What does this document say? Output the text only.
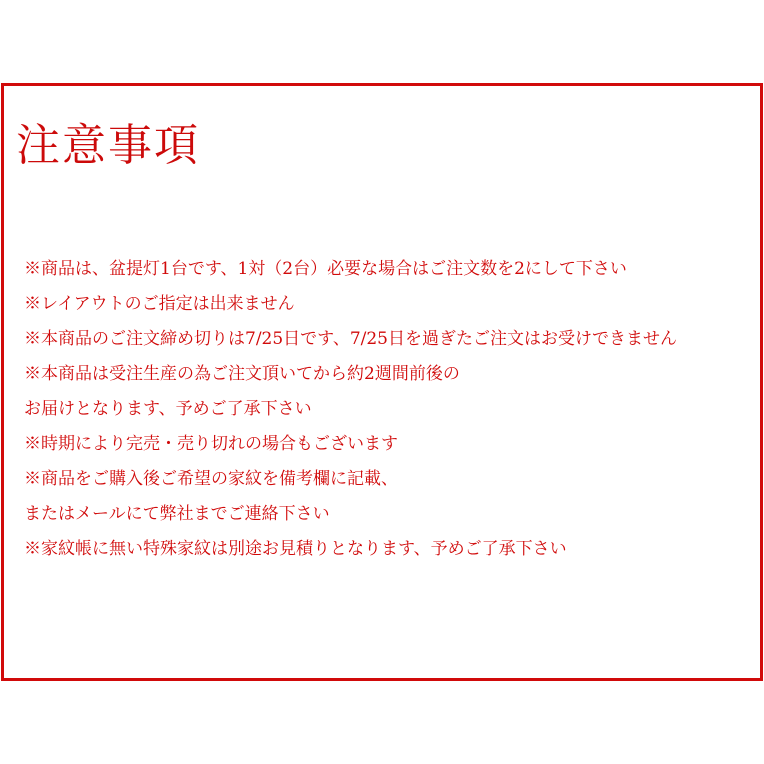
注意事項
※商品は、盆提灯1台です、1対（2台）必要な場合はご注文数を2にして下さい
※レイアウトのご指定は出来ません
※本商品のご注文締め切りは7/25日です、7/25日を過ぎたご注文はお受けできません
※本商品は受注生産の為ご注文頂いてから約2週間前後の
お届けとなります、予めご了承下さい
※時期により完売・売り切れの場合もございます
※商品をご購入後ご希望の家紋を備考欄に記載、
またはメールにて弊社までご連絡下さい
※家紋帳に無い特殊家紋は別途お見積りとなります、予めご了承下さい
